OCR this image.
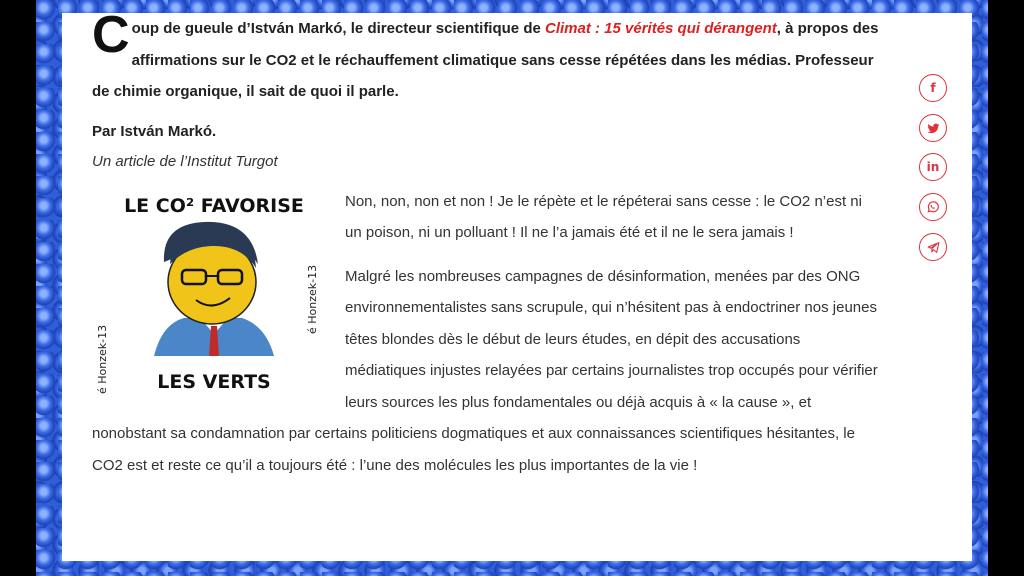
Coup de gueule d’István Markó, le directeur scientifique de Climat : 15 vérités qui dérangent, à propos des affirmations sur le CO2 et le réchauffement climatique sans cesse répétées dans les médias. Professeur de chimie organique, il sait de quoi il parle.

Par István Markó.

Un article de l’Institut Turgot

LE CO² FAVORISE
LES VERTS
é Honzek-13
é Honzek-13

Non, non, non et non ! Je le répète et le répéterai sans cesse : le CO2 n’est ni un poison, ni un polluant ! Il ne l’a jamais été et il ne le sera jamais !

Malgré les nombreuses campagnes de désinformation, menées par des ONG environnementalistes sans scrupule, qui n’hésitent pas à endoctriner nos jeunes têtes blondes dès le début de leurs études, en dépit des accusations médiatiques injustes relayées par certains journalistes trop occupés pour vérifier leurs sources les plus fondamentales ou déjà acquis à « la cause », et nonobstant sa condamnation par certains politiciens dogmatiques et aux connaissances scientifiques hésitantes, le CO2 est et reste ce qu’il a toujours été : l’une des molécules les plus importantes de la vie !

f
in
